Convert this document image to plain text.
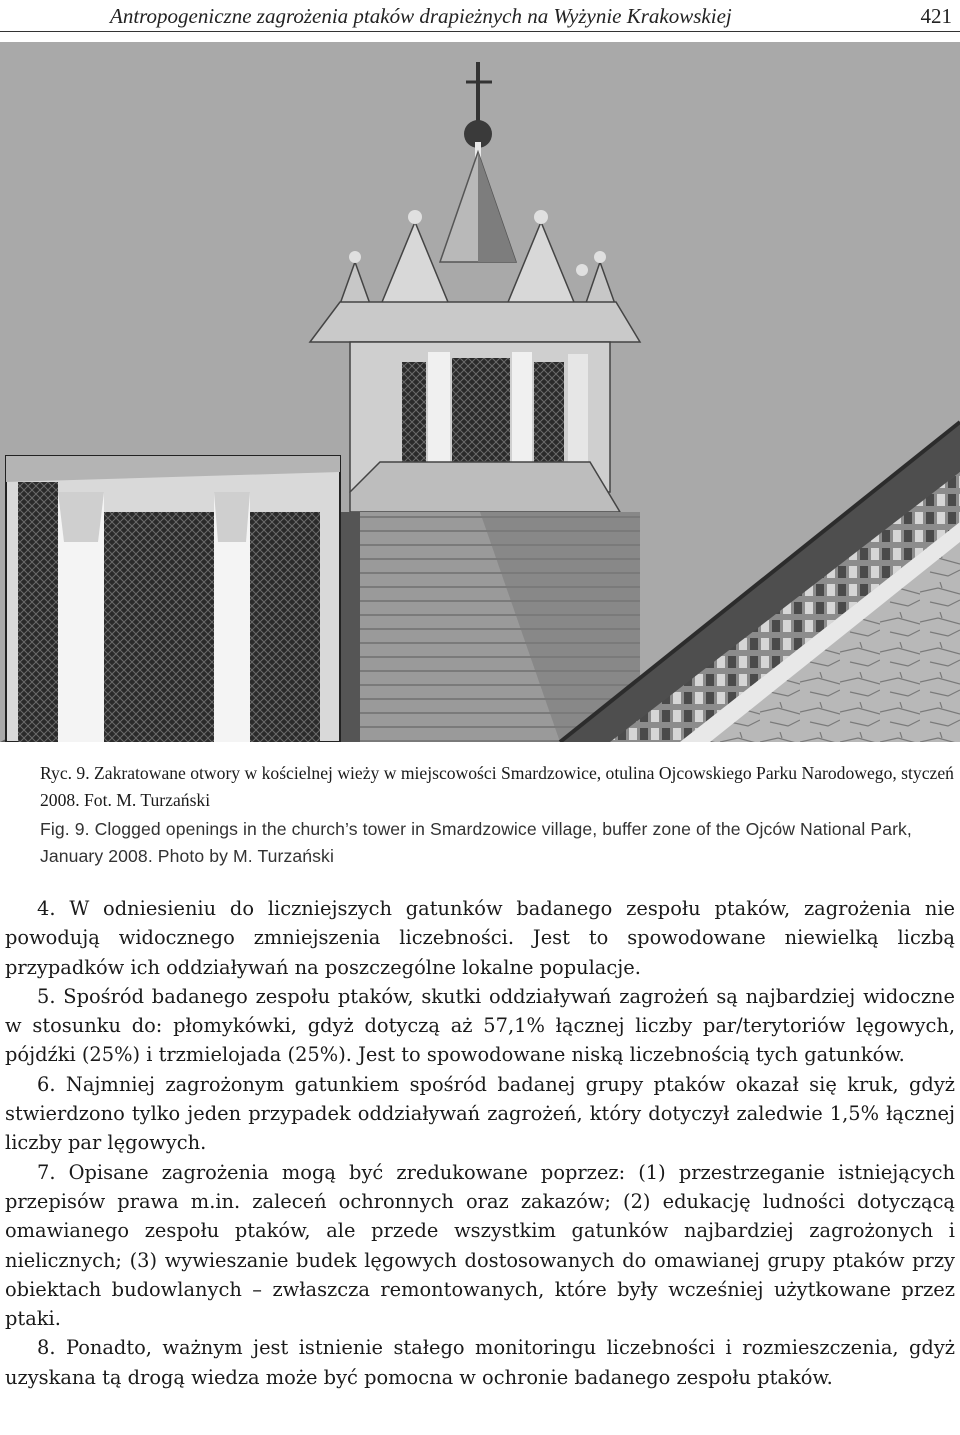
Antropogeniczne zagrożenia ptaków drapieżnych na Wyżynie Krakowskiej	421
Ryc. 9. Zakratowane otwory w kościelnej wieży w miejscowości Smardzowice, otulina Ojcowskiego Parku Narodowego, styczeń 2008. Fot. M. Turzański
Fig. 9. Clogged openings in the church’s tower in Smardzowice village, buffer zone of the Ojców National Park, January 2008. Photo by M. Turzański

4. W odniesieniu do liczniejszych gatunków badanego zespołu ptaków, zagrożenia nie powodują widocznego zmniejszenia liczebności. Jest to spowodowane niewielką liczbą przypadków ich oddziaływań na poszczególne lokalne populacje.

5. Spośród badanego zespołu ptaków, skutki oddziaływań zagrożeń są najbardziej widoczne w stosunku do: płomykówki, gdyż dotyczą aż 57,1% łącznej liczby par/terytoriów lęgowych, pójdźki (25%) i trzmielojada (25%). Jest to spowodowane niską liczebnością tych gatunków.

6. Najmniej zagrożonym gatunkiem spośród badanej grupy ptaków okazał się kruk, gdyż stwierdzono tylko jeden przypadek oddziaływań zagrożeń, który dotyczył zaledwie 1,5% łącznej liczby par lęgowych.

7. Opisane zagrożenia mogą być zredukowane poprzez: (1) przestrzeganie istniejących przepisów prawa m.in. zaleceń ochronnych oraz zakazów; (2) edukację ludności dotyczącą omawianego zespołu ptaków, ale przede wszystkim gatunków najbardziej zagrożonych i nielicznych; (3) wywieszanie budek lęgowych dostosowanych do omawianej grupy ptaków przy obiektach budowlanych – zwłaszcza remontowanych, które były wcześniej użytkowane przez ptaki.

8. Ponadto, ważnym jest istnienie stałego monitoringu liczebności i rozmieszczenia, gdyż uzyskana tą drogą wiedza może być pomocna w ochronie badanego zespołu ptaków.
